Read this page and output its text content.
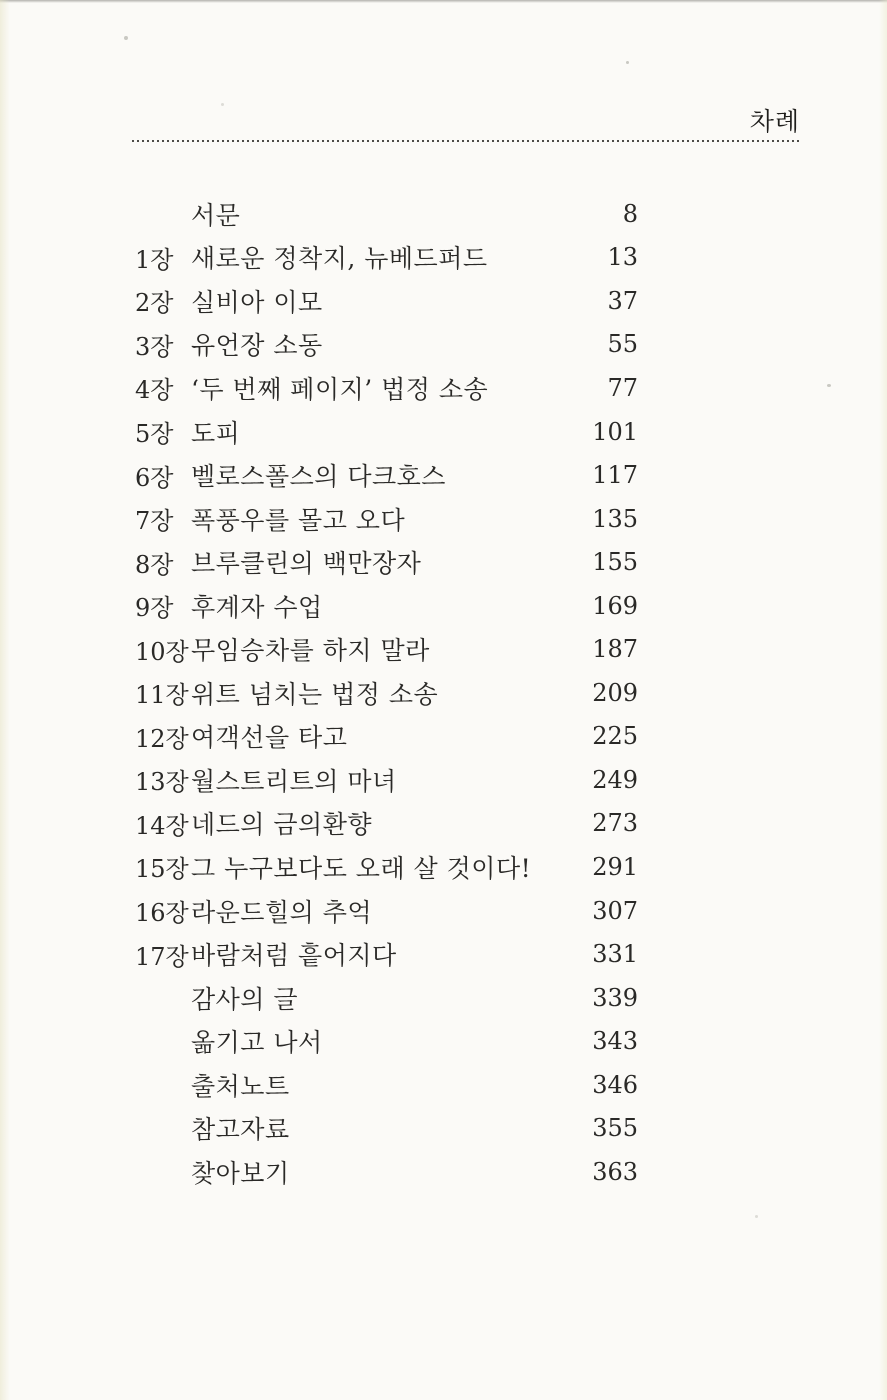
차례
서문	8
1장 새로운 정착지, 뉴베드퍼드	13
2장 실비아 이모	37
3장 유언장 소동	55
4장 ‘두 번째 페이지’ 법정 소송	77
5장 도피	101
6장 벨로스폴스의 다크호스	117
7장 폭풍우를 몰고 오다	135
8장 브루클린의 백만장자	155
9장 후계자 수업	169
10장 무임승차를 하지 말라	187
11장 위트 넘치는 법정 소송	209
12장 여객선을 타고	225
13장 월스트리트의 마녀	249
14장 네드의 금의환향	273
15장 그 누구보다도 오래 살 것이다!	291
16장 라운드힐의 추억	307
17장 바람처럼 흩어지다	331
감사의 글	339
옮기고 나서	343
출처노트	346
참고자료	355
찾아보기	363
